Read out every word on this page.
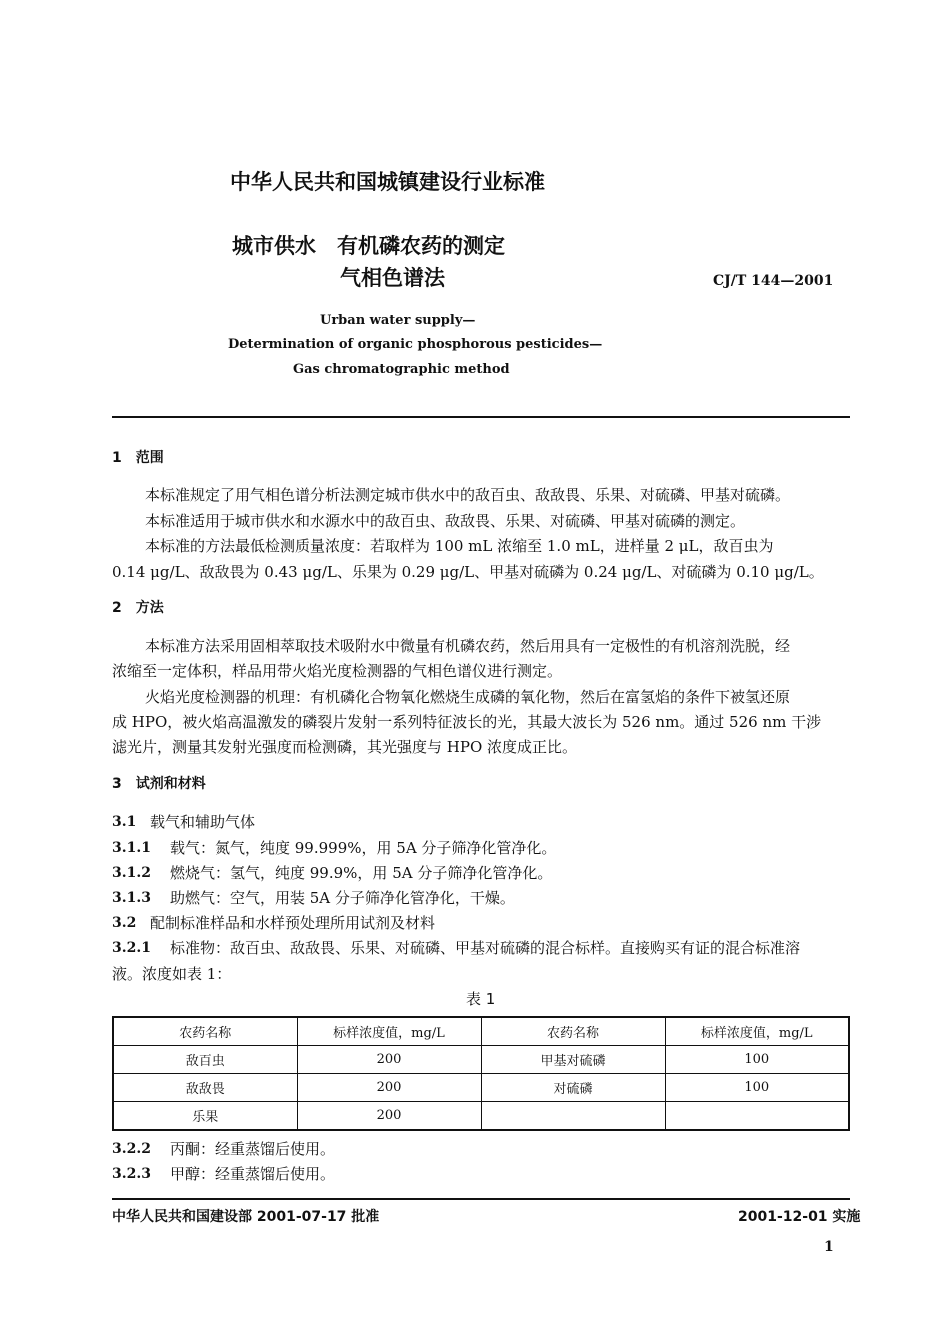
中华人民共和国城镇建设行业标准
城市供水　有机磷农药的测定
气相色谱法	CJ/T 144—2001
Urban water supply—
Determination of organic phosphorous pesticides—
Gas chromatographic method
1　范围
本标准规定了用气相色谱分析法测定城市供水中的敌百虫、敌敌畏、乐果、对硫磷、甲基对硫磷。
本标准适用于城市供水和水源水中的敌百虫、敌敌畏、乐果、对硫磷、甲基对硫磷的测定。
本标准的方法最低检测质量浓度：若取样为 100 mL 浓缩至 1.0 mL，进样量 2 μL，敌百虫为
0.14 μg/L、敌敌畏为 0.43 μg/L、乐果为 0.29 μg/L、甲基对硫磷为 0.24 μg/L、对硫磷为 0.10 μg/L。
2　方法
本标准方法采用固相萃取技术吸附水中微量有机磷农药，然后用具有一定极性的有机溶剂洗脱，经
浓缩至一定体积，样品用带火焰光度检测器的气相色谱仪进行测定。
火焰光度检测器的机理：有机磷化合物氧化燃烧生成磷的氧化物，然后在富氢焰的条件下被氢还原
成 HPO，被火焰高温激发的磷裂片发射一系列特征波长的光，其最大波长为 526 nm。通过 526 nm 干涉
滤光片，测量其发射光强度而检测磷，其光强度与 HPO 浓度成正比。
3　试剂和材料
3.1 载气和辅助气体
3.1.1 载气：氮气，纯度 99.999%，用 5A 分子筛净化管净化。
3.1.2 燃烧气：氢气，纯度 99.9%，用 5A 分子筛净化管净化。
3.1.3 助燃气：空气，用装 5A 分子筛净化管净化，干燥。
3.2 配制标准样品和水样预处理所用试剂及材料
3.2.1 标准物：敌百虫、敌敌畏、乐果、对硫磷、甲基对硫磷的混合标样。直接购买有证的混合标准溶
液。浓度如表 1：
表 1
农药名称	标样浓度值，mg/L	农药名称	标样浓度值，mg/L
敌百虫	200	甲基对硫磷	100
敌敌畏	200	对硫磷	100
乐果	200		
3.2.2 丙酮：经重蒸馏后使用。
3.2.3 甲醇：经重蒸馏后使用。
中华人民共和国建设部 2001-07-17 批准	2001-12-01 实施
1
